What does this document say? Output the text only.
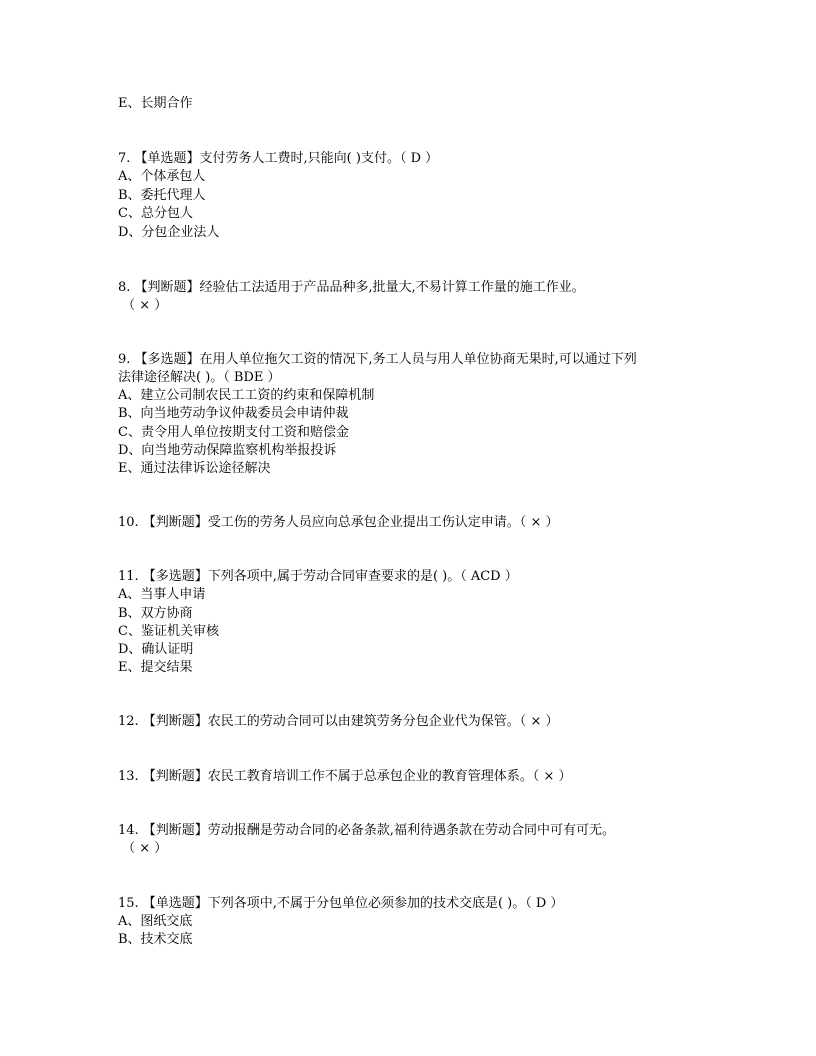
E、长期合作
7. 【单选题】支付劳务人工费时,只能向( )支付。（ D ）
A、个体承包人
B、委托代理人
C、总分包人
D、分包企业法人
8. 【判断题】经验估工法适用于产品品种多,批量大,不易计算工作量的施工作业。
（ × ）
9. 【多选题】在用人单位拖欠工资的情况下,务工人员与用人单位协商无果时,可以通过下列
法律途径解决( )。（ BDE ）
A、建立公司制农民工工资的约束和保障机制
B、向当地劳动争议仲裁委员会申请仲裁
C、责令用人单位按期支付工资和赔偿金
D、向当地劳动保障监察机构举报投诉
E、通过法律诉讼途径解决
10. 【判断题】受工伤的劳务人员应向总承包企业提出工伤认定申请。（ × ）
11. 【多选题】下列各项中,属于劳动合同审查要求的是( )。（ ACD ）
A、当事人申请
B、双方协商
C、鉴证机关审核
D、确认证明
E、提交结果
12. 【判断题】农民工的劳动合同可以由建筑劳务分包企业代为保管。（ × ）
13. 【判断题】农民工教育培训工作不属于总承包企业的教育管理体系。（ × ）
14. 【判断题】劳动报酬是劳动合同的必备条款,福利待遇条款在劳动合同中可有可无。
（ × ）
15. 【单选题】下列各项中,不属于分包单位必须参加的技术交底是( )。（ D ）
A、图纸交底
B、技术交底
